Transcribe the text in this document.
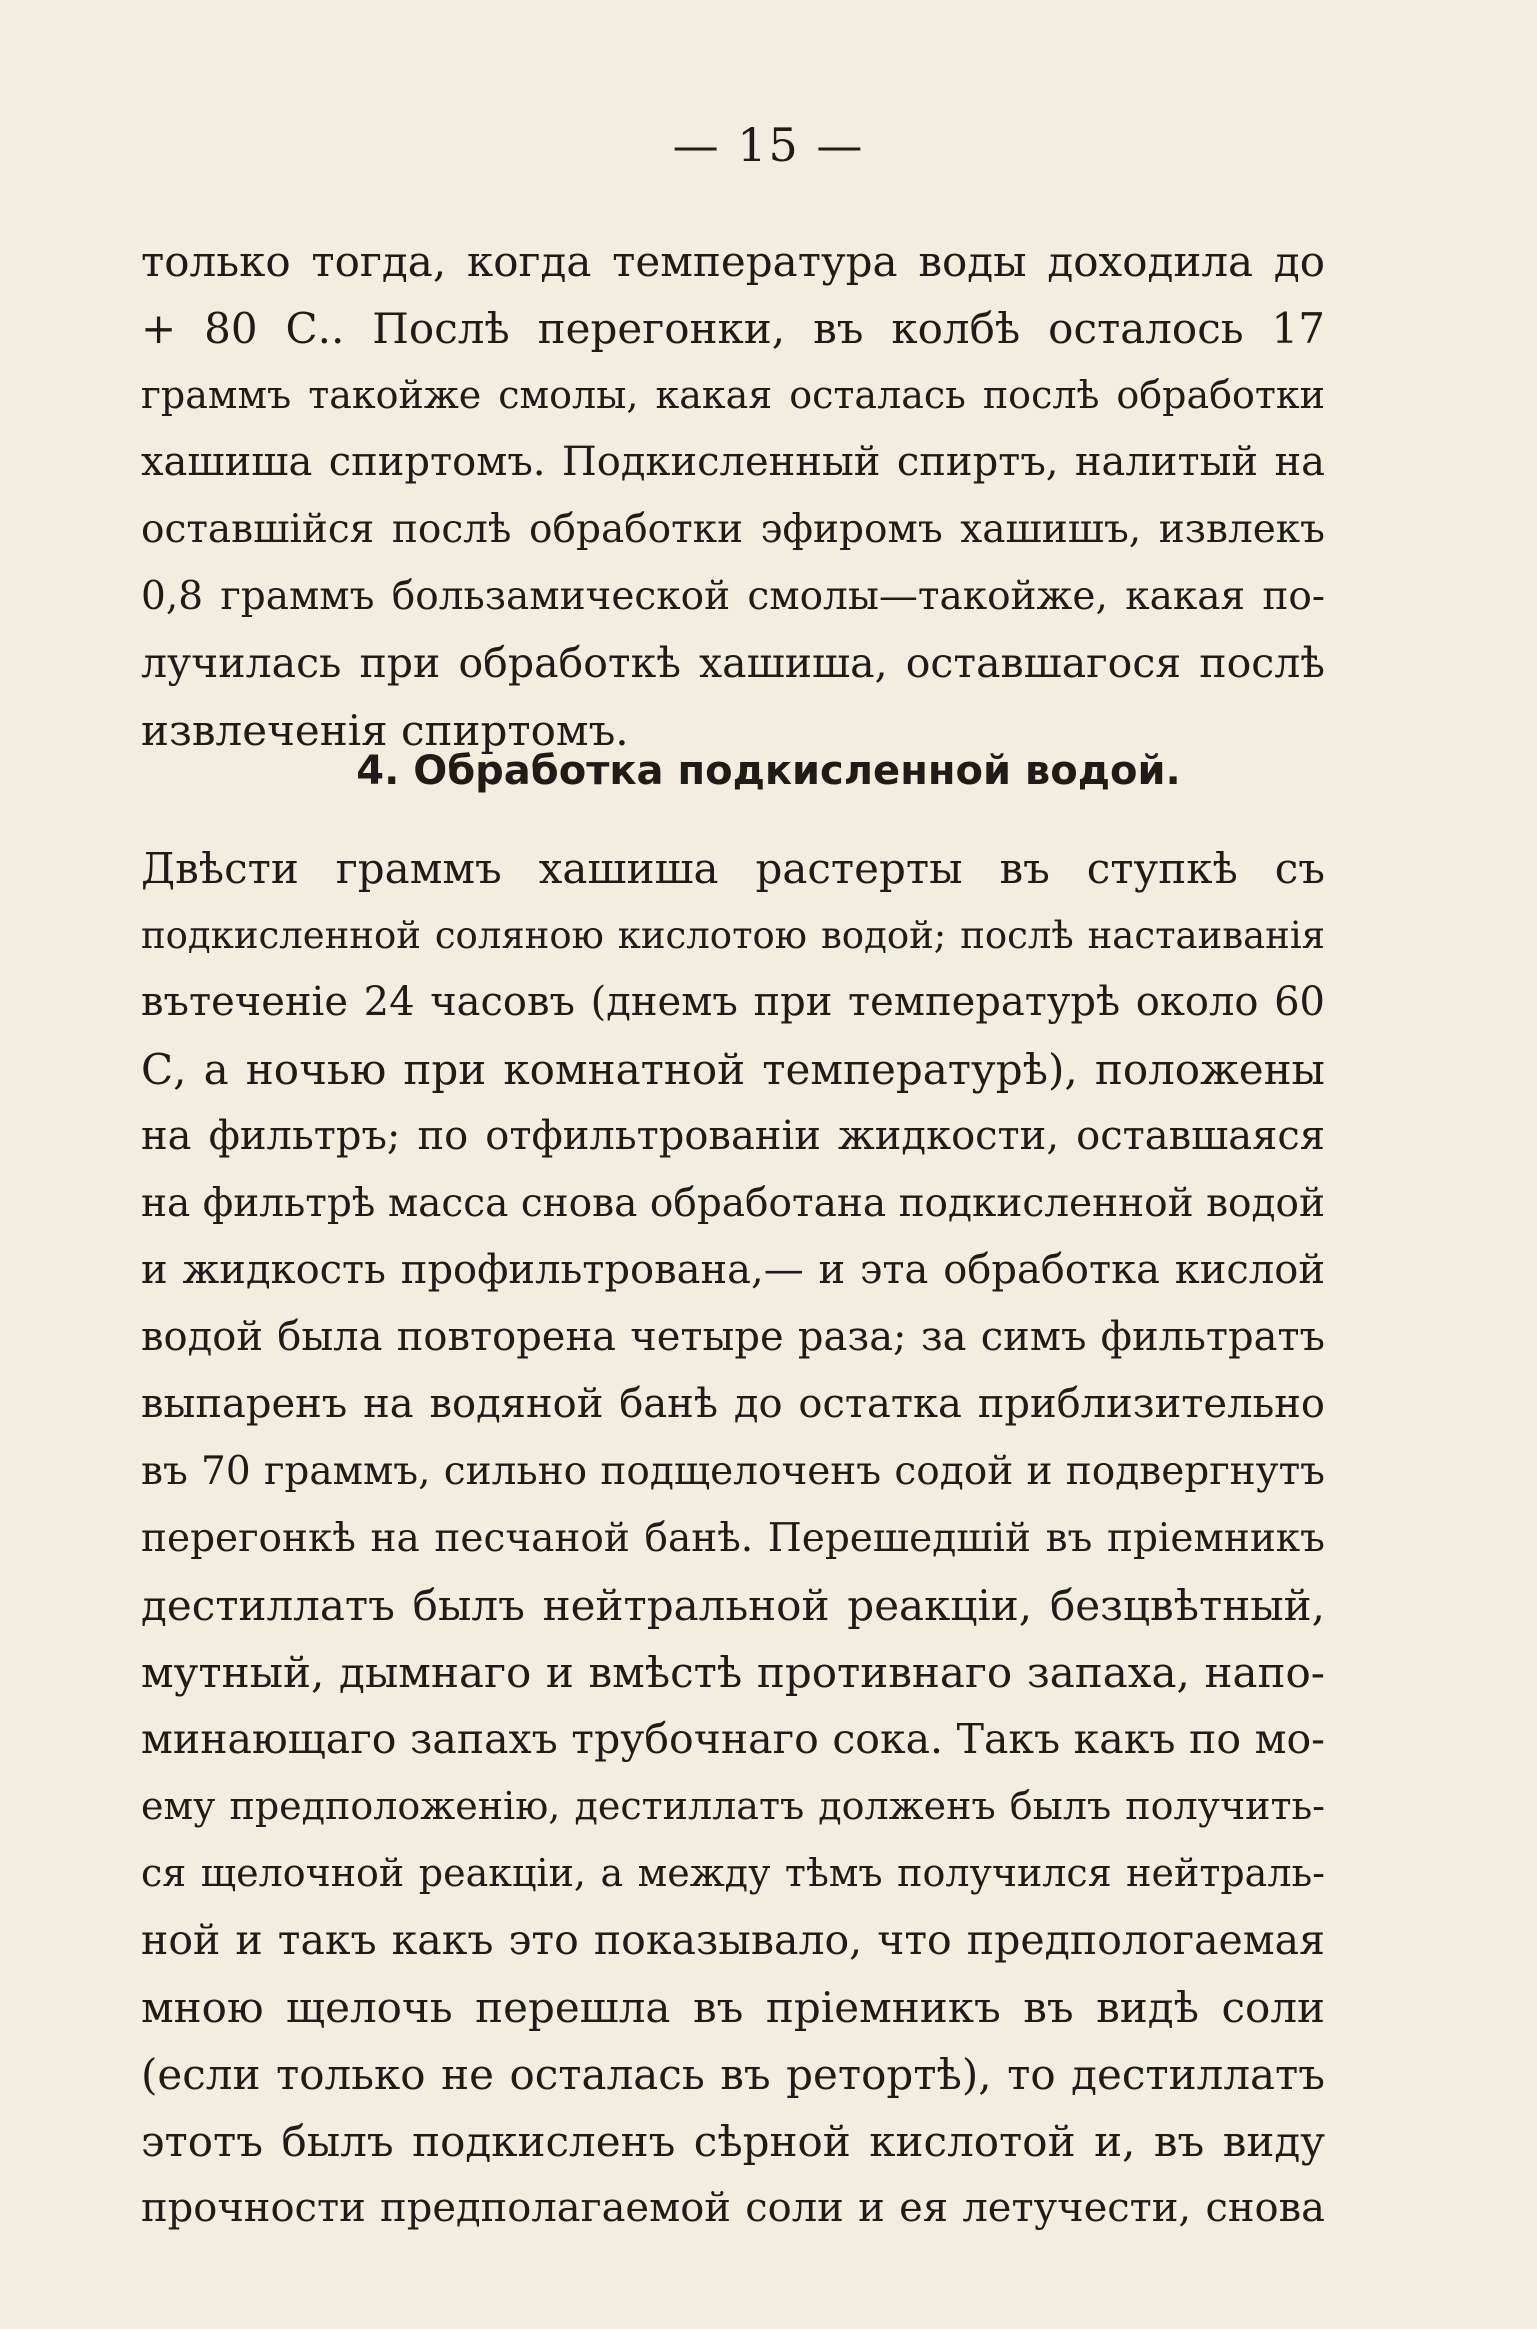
— 15 —
только тогда, когда температура воды доходила до
+ 80 С.. Послѣ перегонки, въ колбѣ осталось 17
граммъ такойже смолы, какая осталась послѣ обработки
хашиша спиртомъ. Подкисленный спиртъ, налитый на
оставшiйся послѣ обработки эфиромъ хашишъ, извлекъ
0,8 граммъ бользамической смолы—такойже, какая по-
лучилась при обработкѣ хашиша, оставшагося послѣ
извлеченiя спиртомъ.
4. Обработка подкисленной водой.
Двѣсти граммъ хашиша растерты въ ступкѣ съ
подкисленной соляною кислотою водой; послѣ настаиванiя
вътеченiе 24 часовъ (днемъ при температурѣ около 60
С, а ночью при комнатной температурѣ), положены
на фильтръ; по отфильтрованiи жидкости, оставшаяся
на фильтрѣ масса снова обработана подкисленной водой
и жидкость профильтрована,— и эта обработка кислой
водой была повторена четыре раза; за симъ фильтратъ
выпаренъ на водяной банѣ до остатка приблизительно
въ 70 граммъ, сильно подщелоченъ содой и подвергнутъ
перегонкѣ на песчаной банѣ. Перешедшiй въ прiемникъ
дестиллатъ былъ нейтральной реакцiи, безцвѣтный,
мутный, дымнаго и вмѣстѣ противнаго запаха, напо-
минающаго запахъ трубочнаго сока. Такъ какъ по мо-
ему предположенiю, дестиллатъ долженъ былъ получить-
ся щелочной реакцiи, а между тѣмъ получился нейтраль-
ной и такъ какъ это показывало, что предпологаемая
мною щелочь перешла въ прiемникъ въ видѣ соли
(если только не осталась въ ретортѣ), то дестиллатъ
этотъ былъ подкисленъ сѣрной кислотой и, въ виду
прочности предполагаемой соли и ея летучести, снова
